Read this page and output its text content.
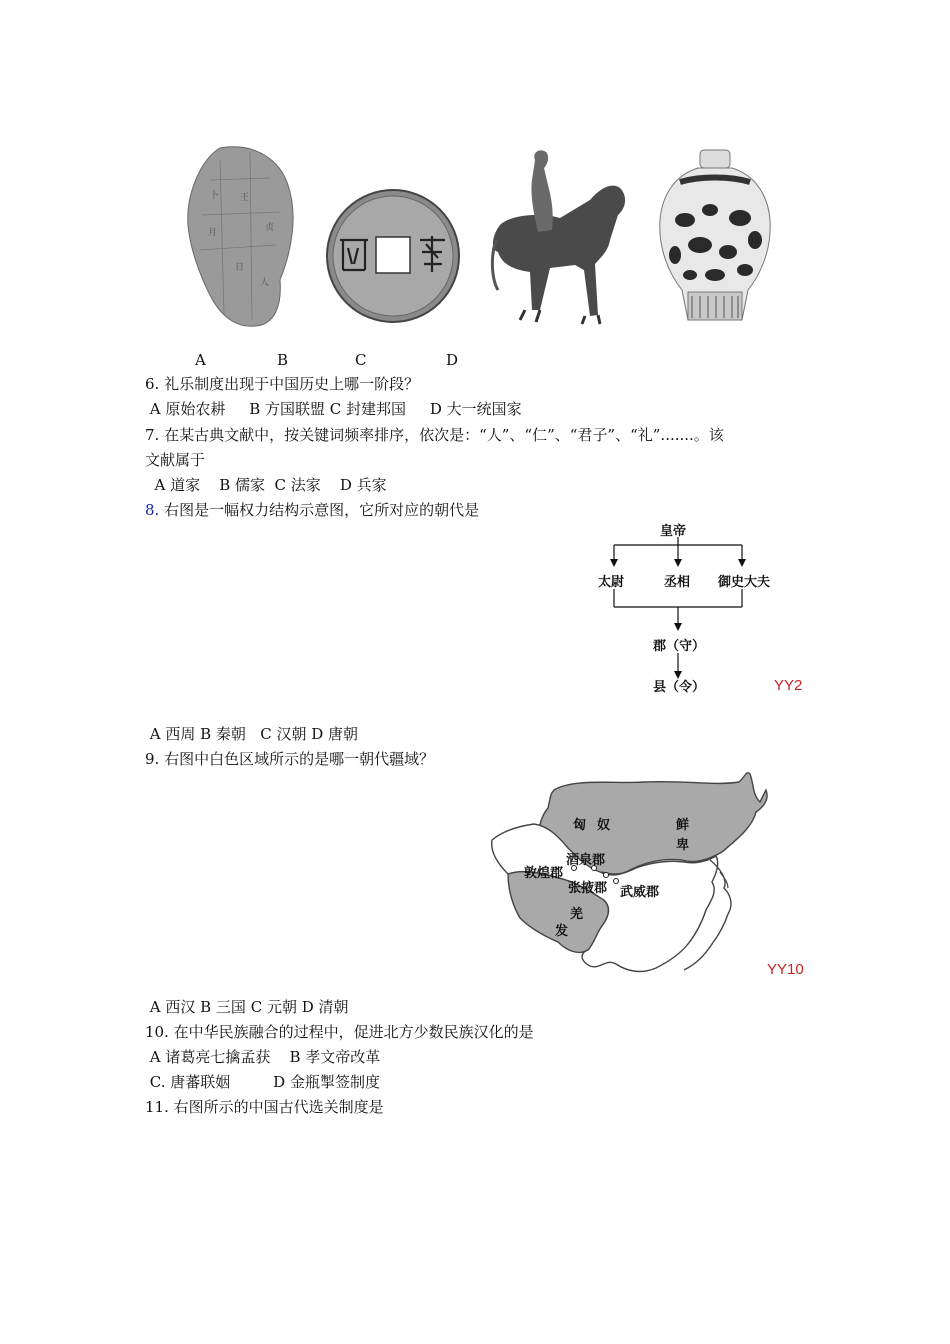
卜 王
贞
月
日
人
A	B	C	D
6. 礼乐制度出现于中国历史上哪一阶段？
A 原始农耕     B 方国联盟 C 封建邦国     D 大一统国家
7. 在某古典文献中，按关键词频率排序，依次是：“人”、“仁”、“君子”、“礼”.......。该
文献属于
A 道家    B 儒家  C 法家    D 兵家
8. 右图是一幅权力结构示意图，它所对应的朝代是
皇帝
太尉	丞相 御史大夫
郡（守）
县（令）	YY2
A 西周 B 秦朝   C 汉朝 D 唐朝
9. 右图中白色区域所示的是哪一朝代疆域？
匈 奴	鲜
卑
酒泉郡
敦煌郡
张掖郡 武威郡
羌
发
YY10
A 西汉 B 三国 C 元朝 D 清朝
10. 在中华民族融合的过程中，促进北方少数民族汉化的是
A 诸葛亮七擒孟获    B 孝文帝改革
C. 唐蕃联姻         D 金瓶掣签制度
11. 右图所示的中国古代选关制度是
